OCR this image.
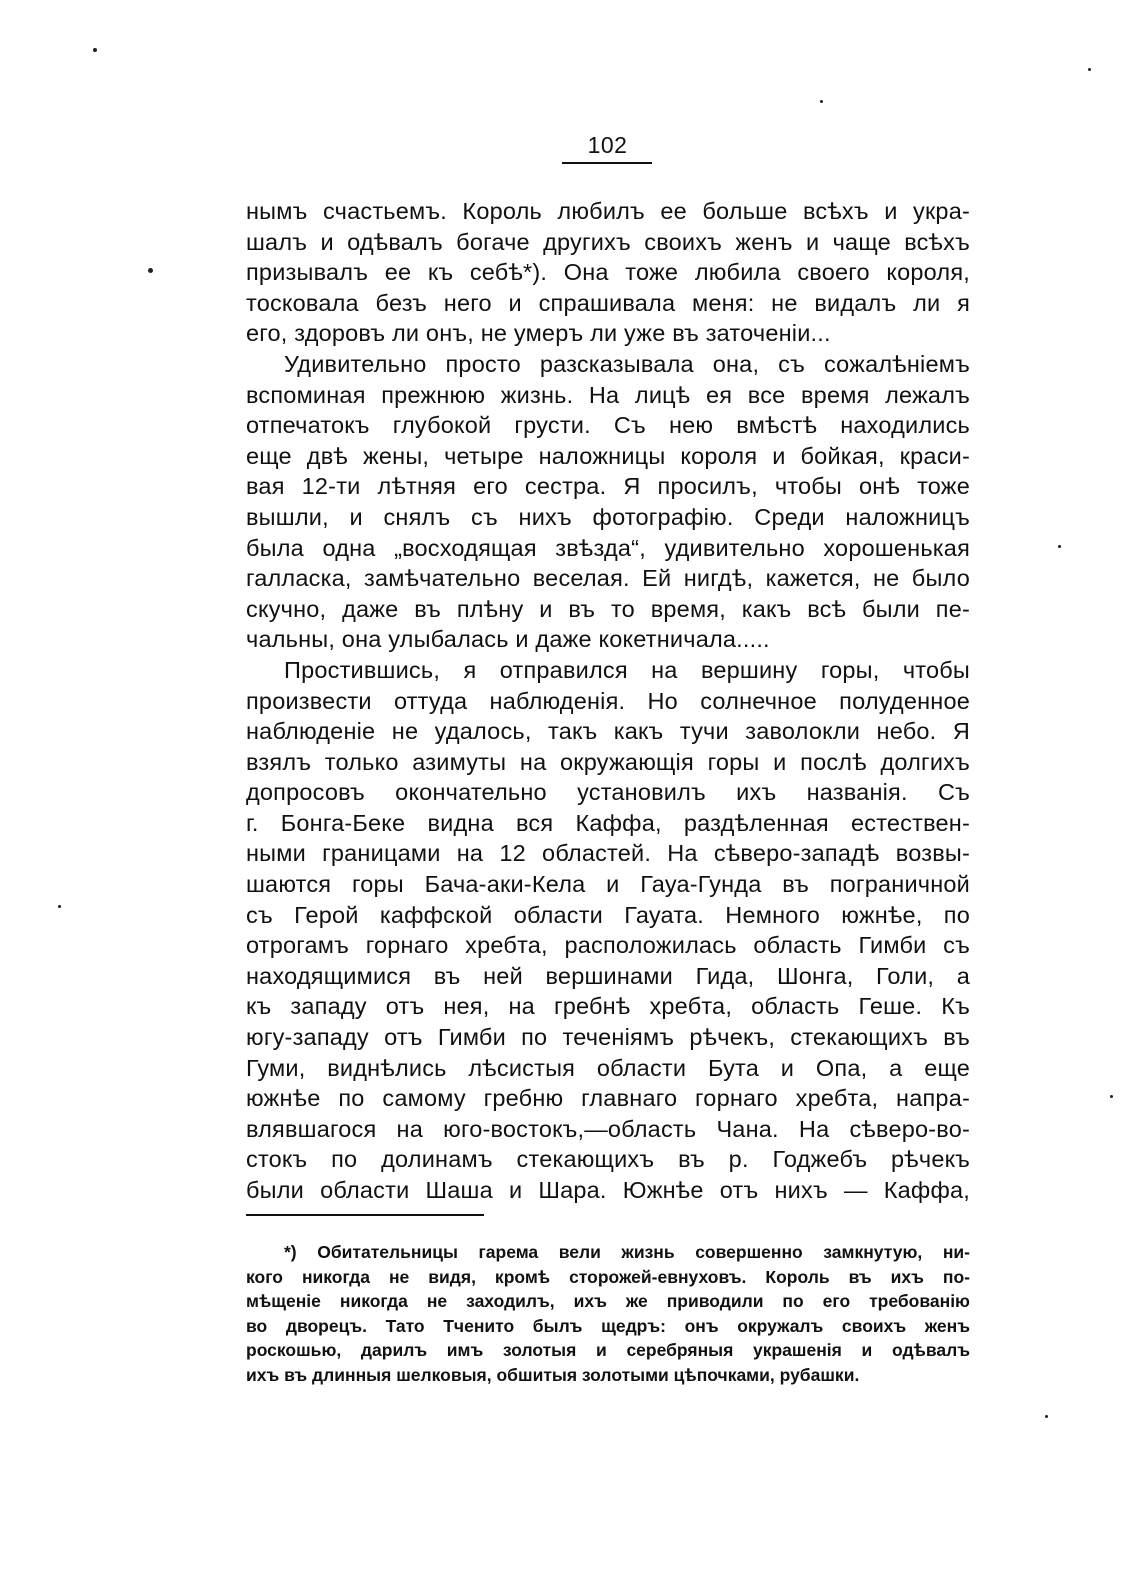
102
нымъ счастьемъ. Король любилъ ее больше всѣхъ и укра-
шалъ и одѣвалъ богаче другихъ своихъ женъ и чаще всѣхъ
призывалъ ее къ себѣ*). Она тоже любила своего короля,
тосковала безъ него и спрашивала меня: не видалъ ли я
его, здоровъ ли онъ, не умеръ ли уже въ заточеніи...
Удивительно просто разсказывала она, съ сожалѣніемъ
вспоминая прежнюю жизнь. На лицѣ ея все время лежалъ
отпечатокъ глубокой грусти. Съ нею вмѣстѣ находились
еще двѣ жены, четыре наложницы короля и бойкая, краси-
вая 12-ти лѣтняя его сестра. Я просилъ, чтобы онѣ тоже
вышли, и снялъ съ нихъ фотографію. Среди наложницъ
была одна „восходящая звѣзда“, удивительно хорошенькая
галласка, замѣчательно веселая. Ей нигдѣ, кажется, не было
скучно, даже въ плѣну и въ то время, какъ всѣ были пе-
чальны, она улыбалась и даже кокетничала.....
Простившись, я отправился на вершину горы, чтобы
произвести оттуда наблюденія. Но солнечное полуденное
наблюденіе не удалось, такъ какъ тучи заволокли небо. Я
взялъ только азимуты на окружающія горы и послѣ долгихъ
допросовъ окончательно установилъ ихъ названія. Съ
г. Бонга-Беке видна вся Каффа, раздѣленная естествен-
ными границами на 12 областей. На сѣверо-западѣ возвы-
шаются горы Бача-аки-Кела и Гауа-Гунда въ пограничной
съ Герой каффской области Гауата. Немного южнѣе, по
отрогамъ горнаго хребта, расположилась область Гимби съ
находящимися въ ней вершинами Гида, Шонга, Голи, а
къ западу отъ нея, на гребнѣ хребта, область Геше. Къ
югу-западу отъ Гимби по теченіямъ рѣчекъ, стекающихъ въ
Гуми, виднѣлись лѣсистыя области Бута и Опа, а еще
южнѣе по самому гребню главнаго горнаго хребта, напра-
влявшагося на юго-востокъ,—область Чана. На сѣверо-во-
стокъ по долинамъ стекающихъ въ р. Годжебъ рѣчекъ
были области Шаша и Шара. Южнѣе отъ нихъ — Каффа,
*) Обитательницы гарема вели жизнь совершенно замкнутую, ни-
кого никогда не видя, кромѣ сторожей-евнуховъ. Король въ ихъ по-
мѣщеніе никогда не заходилъ, ихъ же приводили по его требованію
во дворецъ. Тато Тченито былъ щедръ: онъ окружалъ своихъ женъ
роскошью, дарилъ имъ золотыя и серебряныя украшенія и одѣвалъ
ихъ въ длинныя шелковыя, обшитыя золотыми цѣпочками, рубашки.
